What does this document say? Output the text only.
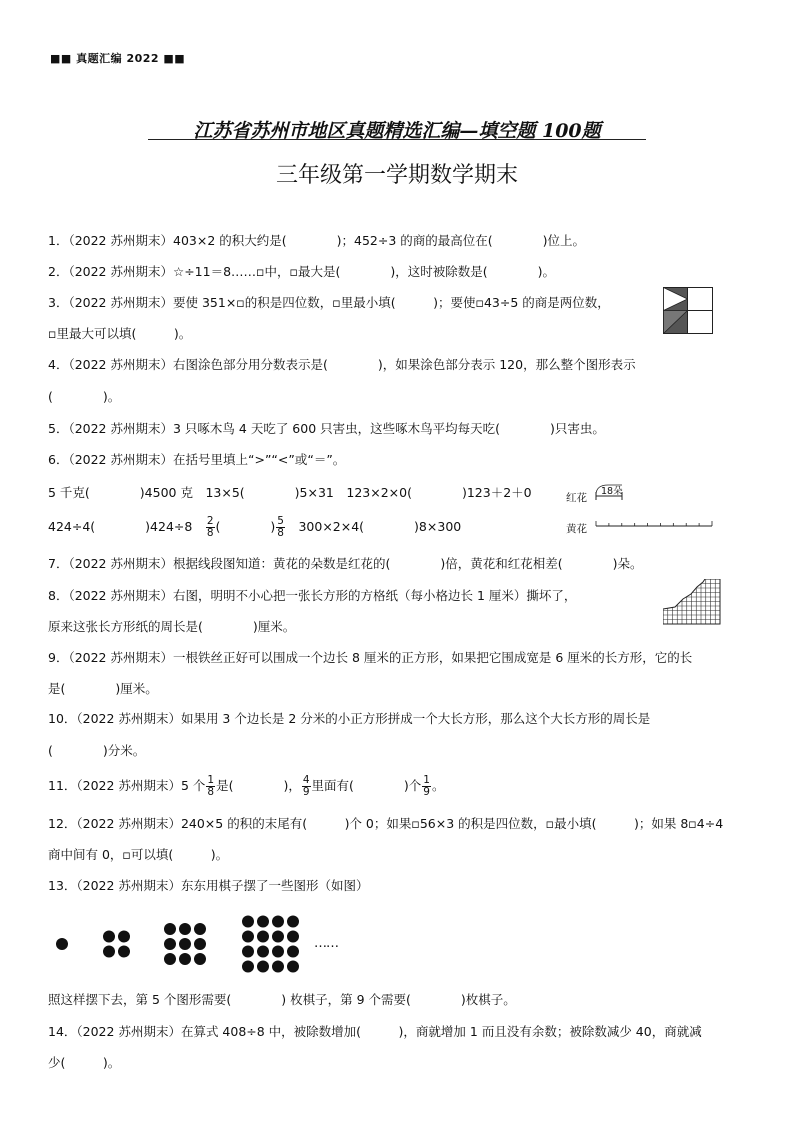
■■ 真题汇编 2022 ■■
江苏省苏州市地区真题精选汇编—填空题 100题
三年级第一学期数学期末
1．（2022 苏州期末）403×2 的积大约是(　　　　)；452÷3 的商的最高位在(　　　　)位上。
2．（2022 苏州期末）☆÷11＝8……▫中，▫最大是(　　　　)，这时被除数是(　　　　)。
3．（2022 苏州期末）要使 351×▫的积是四位数，▫里最小填(　　　)；要使▫43÷5 的商是两位数，
▫里最大可以填(　　　)。
4．（2022 苏州期末）右图涂色部分用分数表示是(　　　　)，如果涂色部分表示 120，那么整个图形表示
(　　　　)。
5．（2022 苏州期末）3 只啄木鸟 4 天吃了 600 只害虫，这些啄木鸟平均每天吃(　　　　)只害虫。
6．（2022 苏州期末）在括号里填上“>”“<”或“＝”。
5 千克(　　　　)4500 克　13×5(　　　　)5×31　123×2×0(　　　　)123＋2＋0
424÷4(　　　　)424÷8　 $\frac{2}{8}$ (　　　　) $\frac{5}{8}$ 　300×2×4(　　　　)8×300
红花
18朵
黄花
7．（2022 苏州期末）根据线段图知道：黄花的朵数是红花的(　　　　)倍，黄花和红花相差(　　　　)朵。
8．（2022 苏州期末）右图，明明不小心把一张长方形的方格纸（每小格边长 1 厘米）撕坏了，
原来这张长方形纸的周长是(　　　　)厘米。
9．（2022 苏州期末）一根铁丝正好可以围成一个边长 8 厘米的正方形，如果把它围成宽是 6 厘米的长方形，它的长
是(　　　　)厘米。
10．（2022 苏州期末）如果用 3 个边长是 2 分米的小正方形拼成一个大长方形，那么这个大长方形的周长是
(　　　　)分米。
11．（2022 苏州期末）5 个 $\frac{1}{8}$ 是(　　　　)， $\frac{4}{9}$ 里面有(　　　　)个 $\frac{1}{9}$ 。
12．（2022 苏州期末）240×5 的积的末尾有(　　　)个 0；如果▫56×3 的积是四位数，▫最小填(　　　)；如果 8▫4÷4
商中间有 0，▫可以填(　　　)。
13．（2022 苏州期末）东东用棋子摆了一些图形（如图）
……
照这样摆下去，第 5 个图形需要(　　　　) 枚棋子，第 9 个需要(　　　　)枚棋子。
14．（2022 苏州期末）在算式 408÷8 中，被除数增加(　　　)，商就增加 1 而且没有余数；被除数减少 40，商就减
少(　　　)。
